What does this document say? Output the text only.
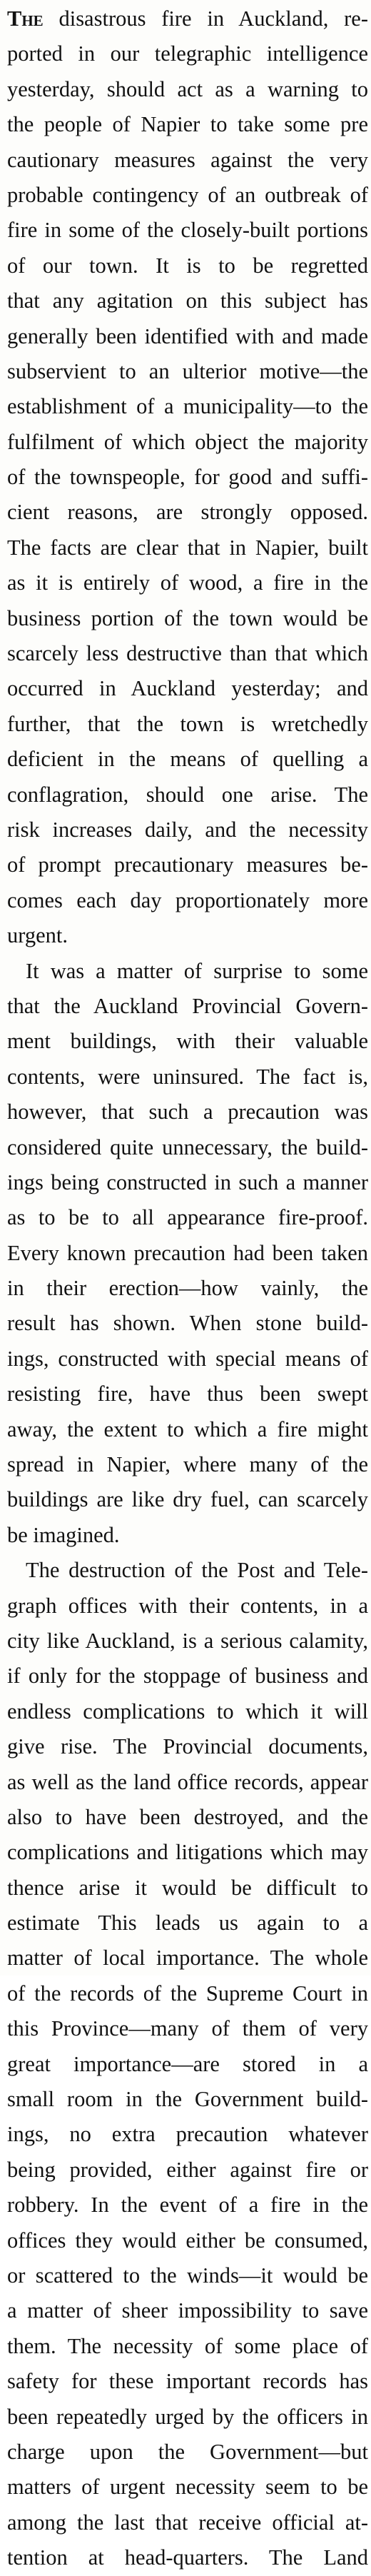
The disastrous fire in Auckland, re-
ported in our telegraphic intelligence
yesterday, should act as a warning to
the people of Napier to take some pre
cautionary measures against the very
probable contingency of an outbreak of
fire in some of the closely-built portions
of our town. It is to be regretted
that any agitation on this subject has
generally been identified with and made
subservient to an ulterior motive—the
establishment of a municipality—to the
fulfilment of which object the majority
of the townspeople, for good and suffi-
cient reasons, are strongly opposed.
The facts are clear that in Napier, built
as it is entirely of wood, a fire in the
business portion of the town would be
scarcely less destructive than that which
occurred in Auckland yesterday; and
further, that the town is wretchedly
deficient in the means of quelling a
conflagration, should one arise. The
risk increases daily, and the necessity
of prompt precautionary measures be-
comes each day proportionately more
urgent.

It was a matter of surprise to some
that the Auckland Provincial Govern-
ment buildings, with their valuable
contents, were uninsured. The fact is,
however, that such a precaution was
considered quite unnecessary, the build-
ings being constructed in such a manner
as to be to all appearance fire-proof.
Every known precaution had been taken
in their erection—how vainly, the
result has shown. When stone build-
ings, constructed with special means of
resisting fire, have thus been swept
away, the extent to which a fire might
spread in Napier, where many of the
buildings are like dry fuel, can scarcely
be imagined.

The destruction of the Post and Tele-
graph offices with their contents, in a
city like Auckland, is a serious calamity,
if only for the stoppage of business and
endless complications to which it will
give rise. The Provincial documents,
as well as the land office records, appear
also to have been destroyed, and the
complications and litigations which may
thence arise it would be difficult to
estimate This leads us again to a
matter of local importance. The whole
of the records of the Supreme Court in
this Province—many of them of very
great importance—are stored in a
small room in the Government build-
ings, no extra precaution whatever
being provided, either against fire or
robbery. In the event of a fire in the
offices they would either be consumed,
or scattered to the winds—it would be
a matter of sheer impossibility to save
them. The necessity of some place of
safety for these important records has
been repeatedly urged by the officers in
charge upon the Government—but
matters of urgent necessity seem to be
among the last that receive official at-
tention at head-quarters. The Land
